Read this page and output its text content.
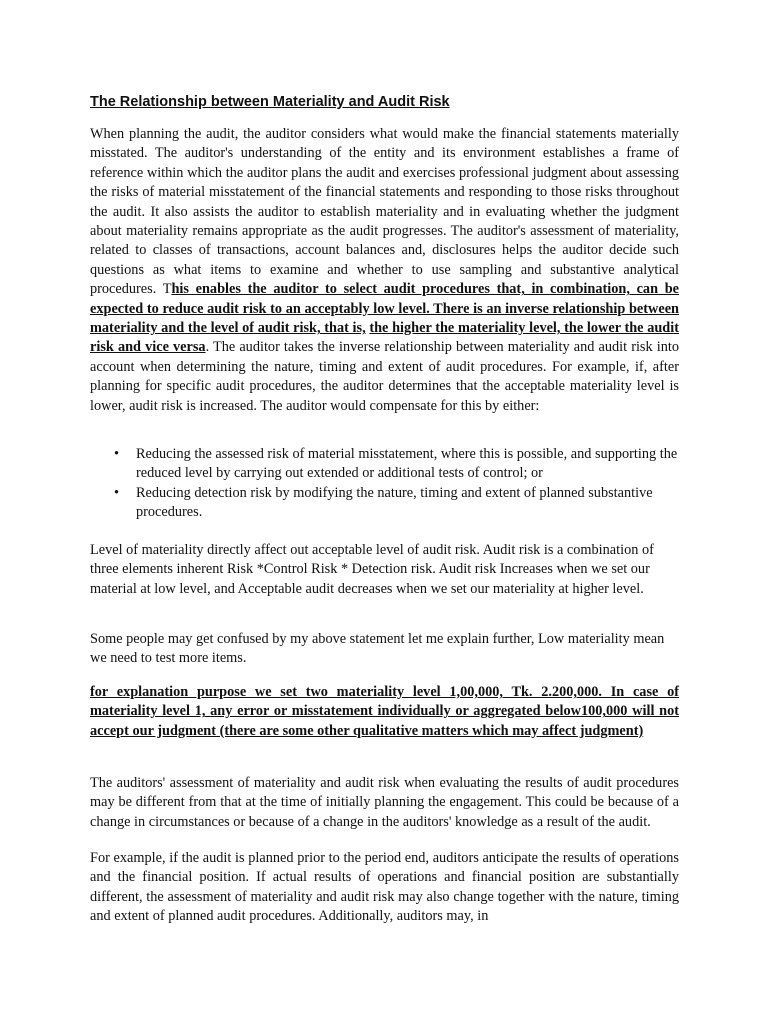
The Relationship between Materiality and Audit Risk

When planning the audit, the auditor considers what would make the financial statements materially misstated. The auditor's understanding of the entity and its environment establishes a frame of reference within which the auditor plans the audit and exercises professional judgment about assessing the risks of material misstatement of the financial statements and responding to those risks throughout the audit. It also assists the auditor to establish materiality and in evaluating whether the judgment about materiality remains appropriate as the audit progresses. The auditor's assessment of materiality, related to classes of transactions, account balances and, disclosures helps the auditor decide such questions as what items to examine and whether to use sampling and substantive analytical procedures. This enables the auditor to select audit procedures that, in combination, can be expected to reduce audit risk to an acceptably low level. There is an inverse relationship between materiality and the level of audit risk, that is, the higher the materiality level, the lower the audit risk and vice versa. The auditor takes the inverse relationship between materiality and audit risk into account when determining the nature, timing and extent of audit procedures. For example, if, after planning for specific audit procedures, the auditor determines that the acceptable materiality level is lower, audit risk is increased. The auditor would compensate for this by either:

• Reducing the assessed risk of material misstatement, where this is possible, and supporting the reduced level by carrying out extended or additional tests of control; or
• Reducing detection risk by modifying the nature, timing and extent of planned substantive procedures.

Level of materiality directly affect out acceptable level of audit risk. Audit risk is a combination of three elements inherent Risk *Control Risk * Detection risk. Audit risk Increases when we set our material at low level, and Acceptable audit decreases when we set our materiality at higher level.

Some people may get confused by my above statement let me explain further, Low materiality mean we need to test more items.

for explanation purpose we set two materiality level 1,00,000, Tk. 2.200,000. In case of materiality level 1, any error or misstatement individually or aggregated below100,000 will not accept our judgment (there are some other qualitative matters which may affect judgment)

The auditors' assessment of materiality and audit risk when evaluating the results of audit procedures may be different from that at the time of initially planning the engagement. This could be because of a change in circumstances or because of a change in the auditors' knowledge as a result of the audit.

For example, if the audit is planned prior to the period end, auditors anticipate the results of operations and the financial position. If actual results of operations and financial position are substantially different, the assessment of materiality and audit risk may also change together with the nature, timing and extent of planned audit procedures. Additionally, auditors may, in
